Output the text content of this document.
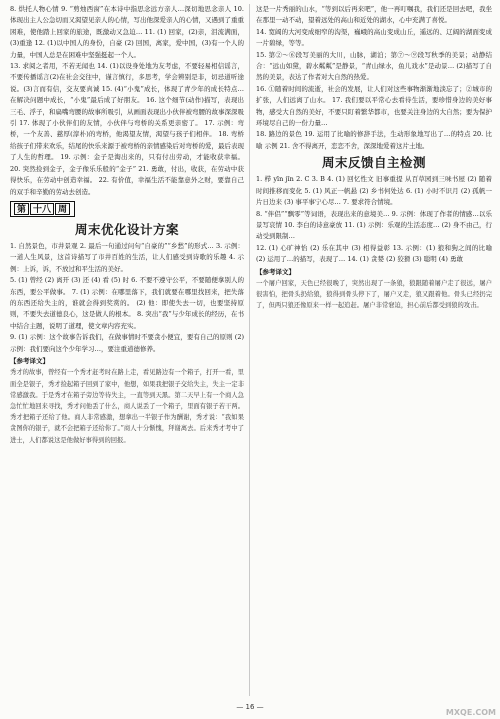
8. 烘托人物心情 9. “剪烛西窗”在本诗中指思念远方亲人…深切地思念亲人 10. 体现出主人公急切而又渴望见亲人的心情，写出他深爱亲人的心情，又遇到了重重困难，使他踏上回家的旅途，既激动又急迫… 11. (1) 回家，(2)亲，泪流满面，(3)重逢 12. (1)以中国人的身份，自豪 (2) 回国，离家，爱中国，(3)有一个人的力量，中国人总是在困难中坚强挺起一个人。

13. 求阅之者用，不若无闻也 14. (1)以设身处地为友考虑，不要轻易相信谣言，不要传播谣言(2)在社会交往中，谨言慎行，多思考，学会辨别是非，切忌道听途说。(3)言而有信，交友要真诚 15. (4)“小鬼”成长，体现了青少年的成长特点…在解决问题中成长，“小鬼”最后成了好朋友。 16. 这个细节(动作)描写，表现出三毛、浮子，和扁嘴弯腰的故事所吸引，从画面表现出小伙伴被弯腰的故事深深吸引 17. 体现了小伙伴们的友情，小伙伴与弯桥的关系更亲密了。 17. 示例：弯桥，一个友善、慈厚(淳朴)的弯桥，他渴望友情，渴望与孩子们相伴。 18. 弯桥给孩子们带来欢乐，结尾的快乐来源于被弯桥的亲情感染后对弯桥的爱，最后表现了人生的哲理。 19. 示例：金子是淘出来的，只有付出劳动，才能收获幸福。 20. 突然捡到金子，金子像乐乐般的“金子” 21. 勇敢，付出，收获，在劳动中获得快乐，在劳动中创造幸福。 22. 有价值，幸福生活不能靠意外之财，要靠自己的双手和辛勤的劳动去创造。

第 十八 周
周末优化设计方案

1. 自然景色，市井景观 2. 最后一句通过问句“自豪的”“乡愁”的形式… 3. 示例：一道人生风景，这首诗描写了市井百姓的生活，让人们感受到诗歌的乐趣 4. 示例：上诉，诉，不放过和平生活的美好。

5. (1) 曾经 (2) 离开 (3) 还 (4) 看 (5) 时 6. 不要不遵守公平，不要随便拿别人的东西，要公平做事。 7. (1) 示例：在哪里落下，我们就要在哪里找回来，把失落的东西还给失主的，谁就会得到奖赏的。 (2) 他：即使失去一切，也要坚持原则，不要失去道德良心，这是做人的根本。 8. 突出“我”与少年成长的经历，在书中结合主题，说明了道理，使文章内容充实。

9. (1) 示例：这个故事告诉我们，在做事情时不要贪小便宜，要有自己的原则 (2) 示例：我们要向这个少年学习…，要注重道德修养。

【参考译文】

秀才的故事，曾经有一个秀才赶考时在路上走，看见路边有一个箱子，打开一看，里面全是银子，秀才捡起箱子回到了家中，他想，如果我把银子交给失主，失主一定非常感激我。于是秀才在箱子旁边等待失主，一直等到天黑。第二天早上有一个商人急急忙忙地回来寻找，秀才问他丢了什么，商人说丢了一个箱子，里面有银子若干两。秀才把箱子还给了他。商人非常感激，想拿出一半银子作为酬谢，秀才说：“我如果贪图你的银子，就不会把箱子还给你了。”商人十分惭愧，拜谢离去。后来秀才考中了进士，人们都说这是他做好事得到的回报。

这是一片秀丽的山水，“等到以后再来吧”，他一再叮嘱我，我们还是回去吧，我坐在那里一动不动，望着远处的高山和近处的湖水，心中充满了喜悦。

14. 宽阔的大河变成细窄的沟渠，巍峨的高山变成山丘，遥远的、辽阔的湖面变成一片碧绿，等等。

15. 第②～⑥段写美丽的大川，山脉，湖泊；第⑦～⑨段写秋季的美景；动静结合：“远山如黛，碧水粼粼”是静景，“青山绿水，鱼儿戏水”是动景… (2)描写了自然的美景，表达了作者对大自然的热爱。

16. ①随着时间的流逝，社会的发展，让人们对这些事物渐渐地淡忘了；②城市的扩张，人们远离了山水。 17. 我们要以平常心去看待生活，要珍惜身边的美好事物，感受大自然的美好，不要只盯着繁华都市，也要关注身边的大自然；要为保护环境尽自己的一份力量…

18. 路边的景色 19. 运用了比喻的修辞手法，生动形象地写出了…的特点 20. 比喻 示例 21. 舍不得离开，恋恋不舍，深深地爱着这片土地。

周末反馈自主检测

1. 栉 yīn jīn 2. C 3. B 4. (1) 回忆性文 旧事重提 从百草园到三味书屋 (2) 随着时间推移而变化 5. (1) 风正一帆悬 (2) 乡书何处达 6. (1) 小时不识月 (2) 孤帆一片日边来 (3) 事平事宁心尽… 7. 要求符合情境。

8. “伴侣”“飘零”等词语，表现出来的意境美… 9. 示例：体现了作者的情感…以乐景写哀情 10. 李白的诗意豪放 11. (1) 示例：乐观的生活态度… (2) 身不由己，行动受到限制…

12. (1) 心旷神怡 (2) 乐在其中 (3) 相得益彰 13. 示例：(1) 狼和狗之间的比喻 (2) 运用了…的描写，表现了… 14. (1) 贪婪 (2) 狡猾 (3) 聪明 (4) 勇敢

【参考译文】

一个屠户回家，天色已经很晚了，突然出现了一条狼，狼跟随着屠户走了很远，屠户很害怕，把骨头扔给狼，狼得到骨头停下了，屠户又走，狼又跟着他。骨头已经扔完了，但两只狼还像原来一样一起追赶。屠户非常窘迫，担心前后都受到狼的攻击。

— 16 —
MXQE.COM
